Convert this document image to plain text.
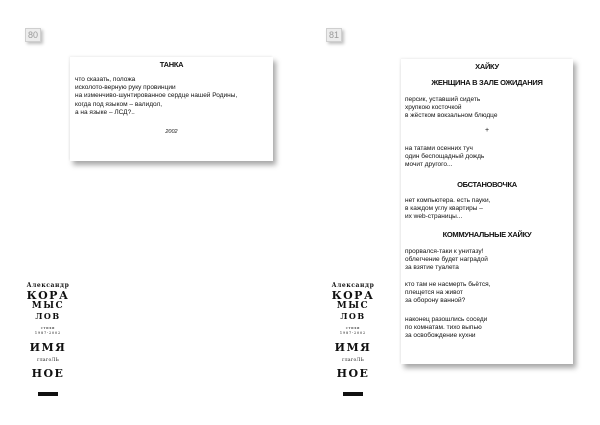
80	81
ТАНКА
что сказать, положа
исколото-верную руку провинции
на изменчиво-шунтированное сердце нашей Родины,
когда под языком – валидол,
а на языке – ЛСД?..
2002
ХАЙКУ
ЖЕНЩИНА В ЗАЛЕ ОЖИДАНИЯ
персик, уставший сидеть
хрупкою косточкой
в жёстком вокзальном блюдце
+
на татами осенних туч
один беспощадный дождь
мочит другого...
ОБСТАНОВОЧКА
нет компьютера. есть пауки,
в каждом углу квартиры –
их web-страницы...
КОММУНАЛЬНЫЕ ХАЙКУ
прорвался-таки к унитазу!
облегчение будет наградой
за взятие туалета
кто там не насмерть бьётся,
плещется на живот
за оборону ванной?
наконец разошлись соседи
по комнатам. тихо выпью
за освобождение кухни
Александр
КОРА
МЫС
ЛОВ
стихи
1987-2002
ИМЯ
глагоЛЬ
НОЕ
Александр
КОРА
МЫС
ЛОВ
стихи
1987-2002
ИМЯ
глагоЛЬ
НОЕ
